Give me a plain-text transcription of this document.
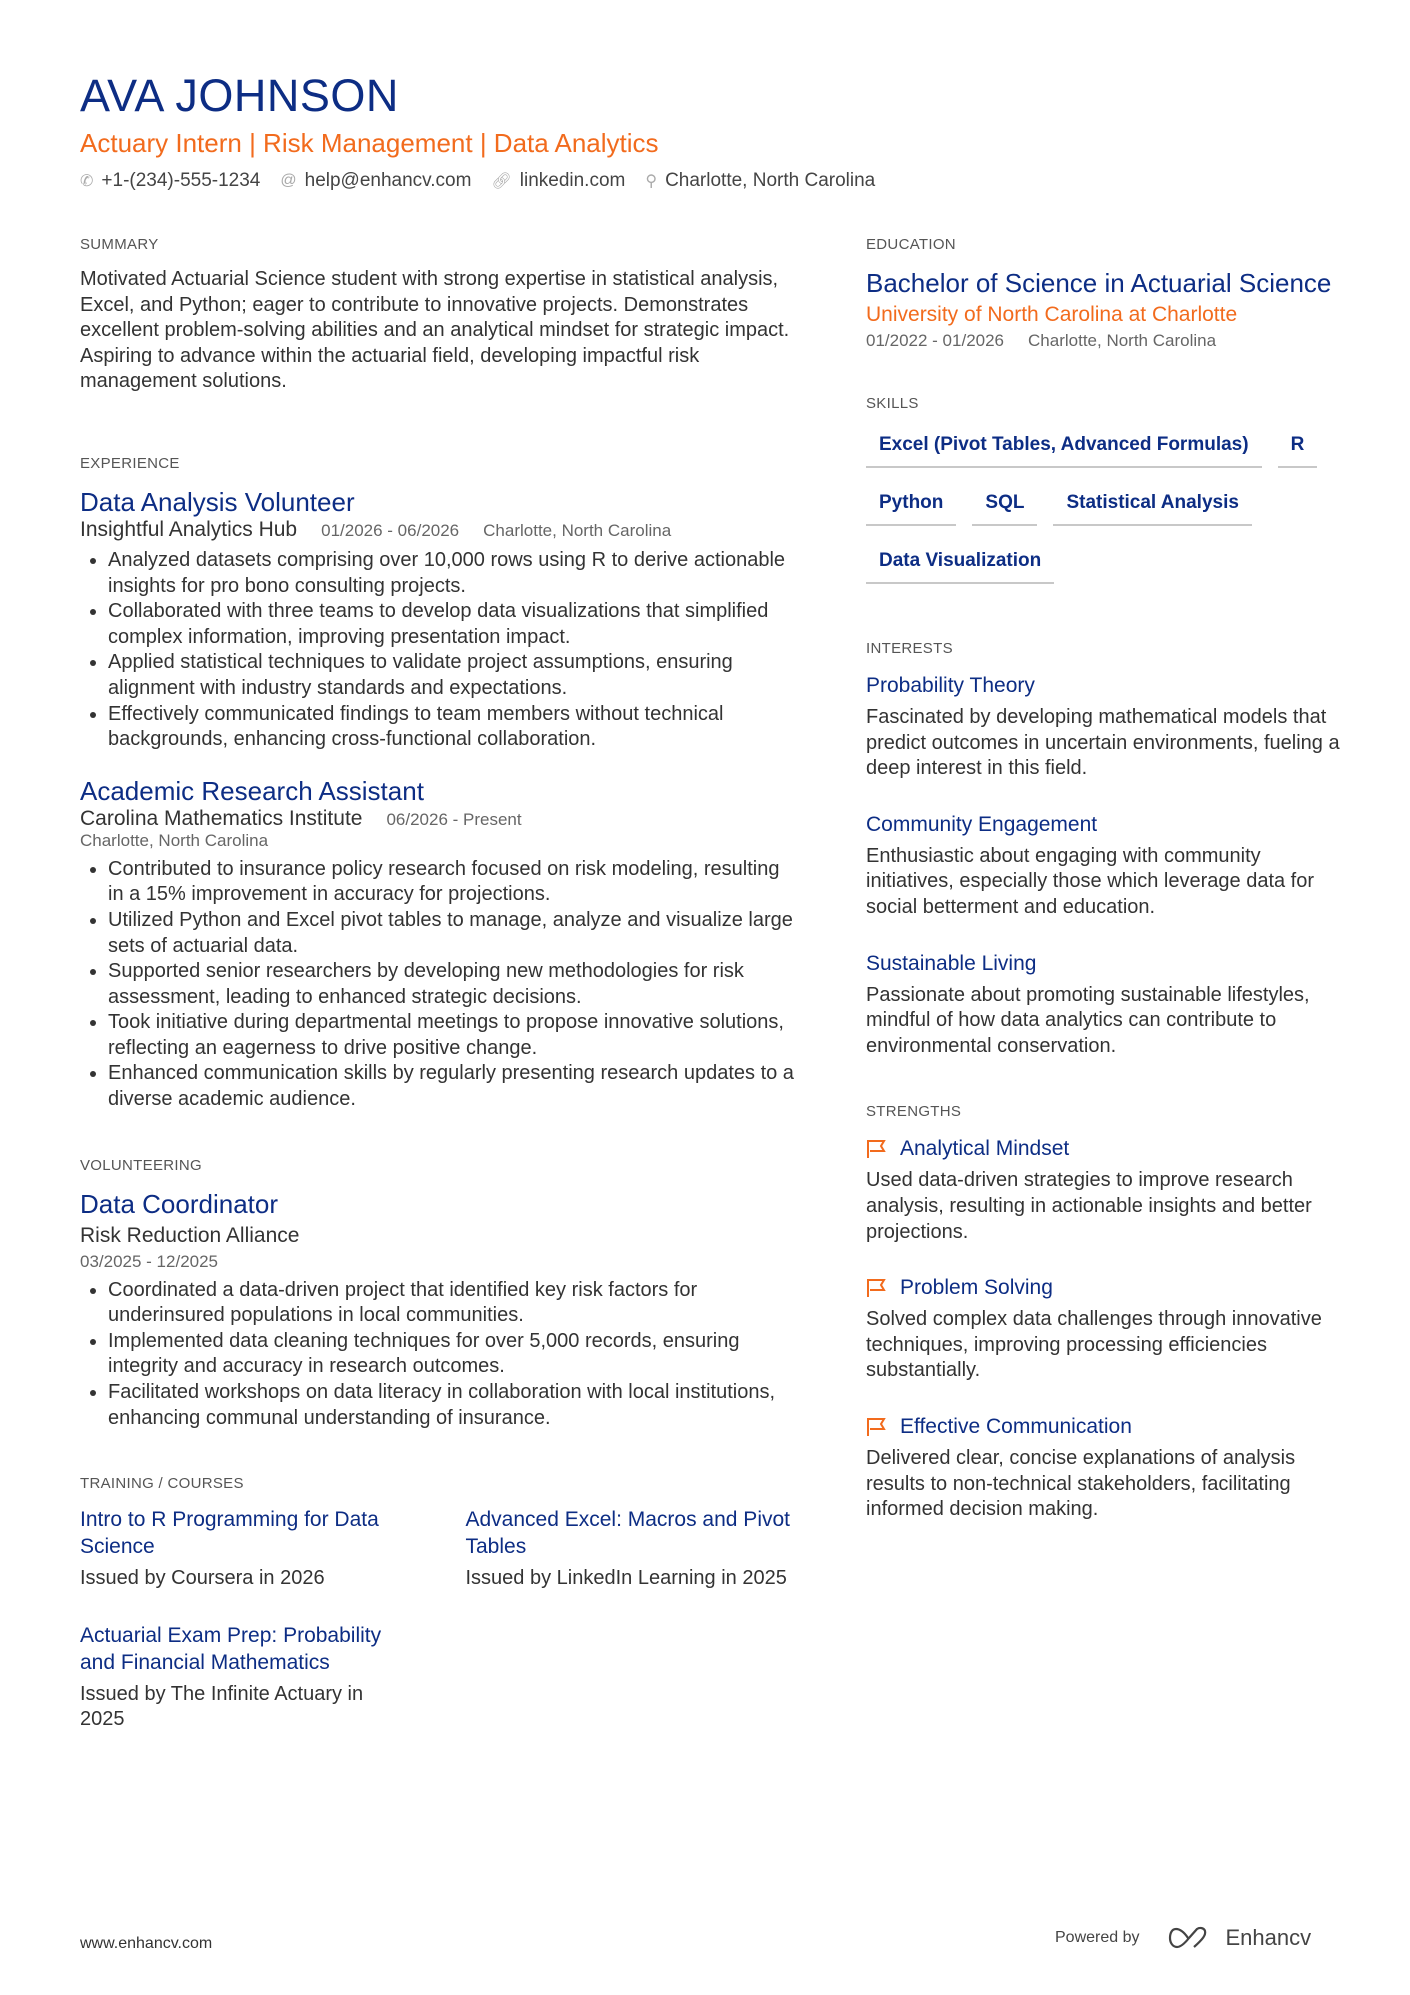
AVA JOHNSON
Actuary Intern | Risk Management | Data Analytics
✆ +1-(234)-555-1234 @ help@enhancv.com 🔗︎ linkedin.com ⚲ Charlotte, North Carolina
SUMMARY

Motivated Actuarial Science student with strong expertise in statistical analysis, Excel, and Python; eager to contribute to innovative projects. Demonstrates excellent problem-solving abilities and an analytical mindset for strategic impact. Aspiring to advance within the actuarial field, developing impactful risk management solutions.

EXPERIENCE
Data Analysis Volunteer
Insightful Analytics Hub 01/2026 - 06/2026 Charlotte, North Carolina
• Analyzed datasets comprising over 10,000 rows using R to derive actionable insights for pro bono consulting projects.
• Collaborated with three teams to develop data visualizations that simplified complex information, improving presentation impact.
• Applied statistical techniques to validate project assumptions, ensuring alignment with industry standards and expectations.
• Effectively communicated findings to team members without technical backgrounds, enhancing cross-functional collaboration.
Academic Research Assistant
Carolina Mathematics Institute 06/2026 - Present
Charlotte, North Carolina
• Contributed to insurance policy research focused on risk modeling, resulting in a 15% improvement in accuracy for projections.
• Utilized Python and Excel pivot tables to manage, analyze and visualize large sets of actuarial data.
• Supported senior researchers by developing new methodologies for risk assessment, leading to enhanced strategic decisions.
• Took initiative during departmental meetings to propose innovative solutions, reflecting an eagerness to drive positive change.
• Enhanced communication skills by regularly presenting research updates to a diverse academic audience.
VOLUNTEERING
Data Coordinator
Risk Reduction Alliance
03/2025 - 12/2025
• Coordinated a data-driven project that identified key risk factors for underinsured populations in local communities.
• Implemented data cleaning techniques for over 5,000 records, ensuring integrity and accuracy in research outcomes.
• Facilitated workshops on data literacy in collaboration with local institutions, enhancing communal understanding of insurance.
TRAINING / COURSES
Intro to R Programming for Data Science

Issued by Coursera in 2026

Advanced Excel: Macros and Pivot Tables

Issued by LinkedIn Learning in 2025

Actuarial Exam Prep: Probability and Financial Mathematics

Issued by The Infinite Actuary in 2025

EDUCATION
Bachelor of Science in Actuarial Science
University of North Carolina at Charlotte
01/2022 - 01/2026 Charlotte, North Carolina
SKILLS
Excel (Pivot Tables, Advanced Formulas)	R
Python	SQL	Statistical Analysis
Data Visualization
INTERESTS
Probability Theory

Fascinated by developing mathematical models that predict outcomes in uncertain environments, fueling a deep interest in this field.

Community Engagement

Enthusiastic about engaging with community initiatives, especially those which leverage data for social betterment and education.

Sustainable Living

Passionate about promoting sustainable lifestyles, mindful of how data analytics can contribute to environmental conservation.

STRENGTHS
Analytical Mindset

Used data-driven strategies to improve research analysis, resulting in actionable insights and better projections.

Problem Solving

Solved complex data challenges through innovative techniques, improving processing efficiencies substantially.

Effective Communication

Delivered clear, concise explanations of analysis results to non-technical stakeholders, facilitating informed decision making.

www.enhancv.com	Powered by	Enhancv
